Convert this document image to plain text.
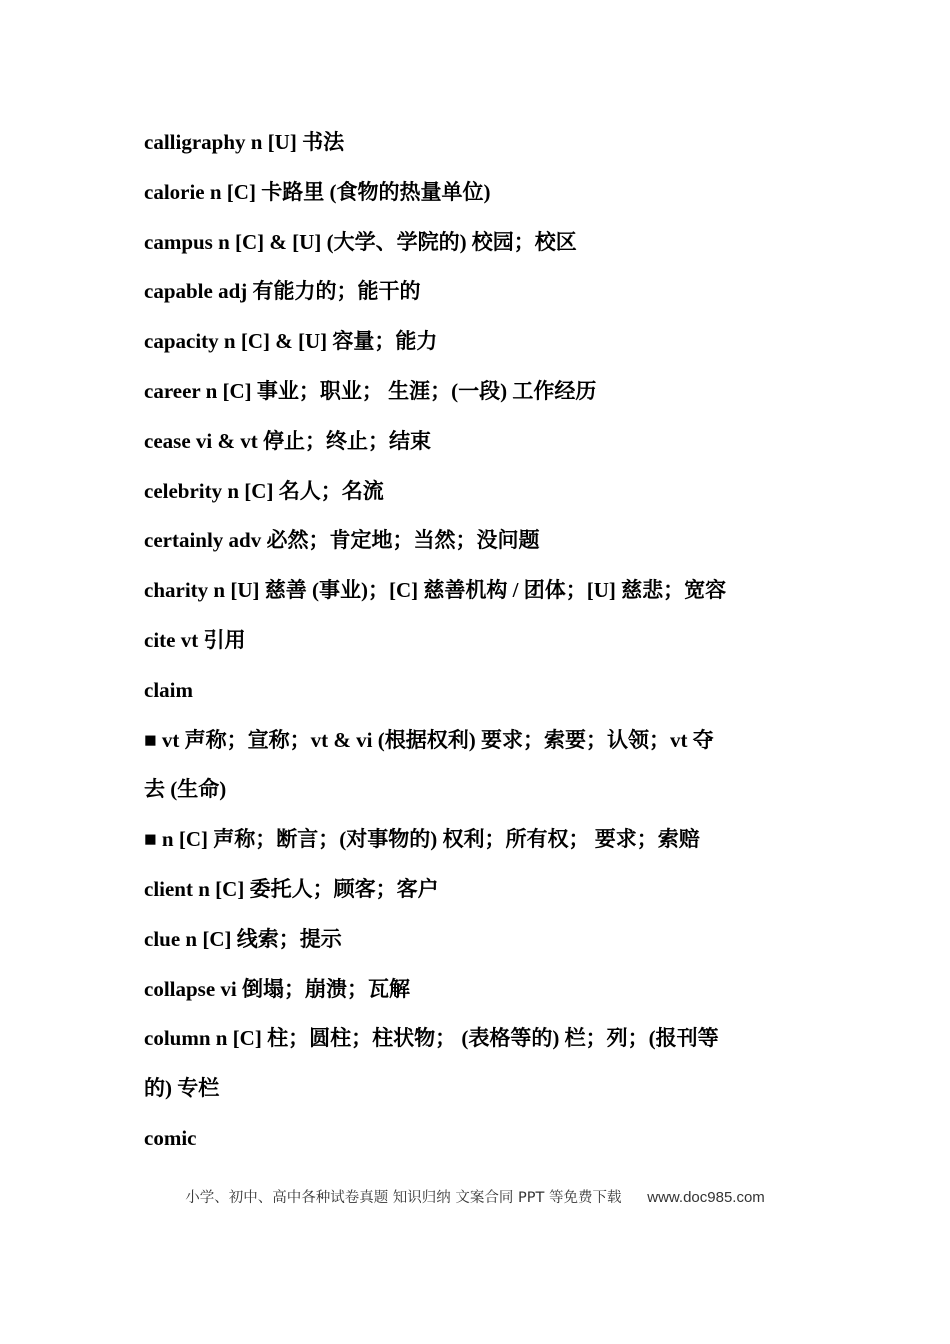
calligraphy n [U] 书法
calorie n [C] 卡路里 (食物的热量单位)
campus n [C] & [U] (大学、学院的) 校园；校区
capable adj 有能力的；能干的
capacity n [C] & [U] 容量；能力
career n [C] 事业；职业； 生涯；(一段) 工作经历
cease vi & vt 停止；终止；结束
celebrity n [C] 名人；名流
certainly adv 必然；肯定地；当然；没问题
charity n [U] 慈善 (事业)；[C] 慈善机构 / 团体；[U] 慈悲；宽容
cite vt 引用
claim
■ vt 声称；宣称；vt & vi (根据权利) 要求；索要；认领；vt 夺
去 (生命)
■ n [C] 声称；断言；(对事物的) 权利；所有权； 要求；索赔
client n [C] 委托人；顾客；客户
clue n [C] 线索；提示
collapse vi 倒塌；崩溃；瓦解
column n [C] 柱；圆柱；柱状物； (表格等的) 栏；列；(报刊等
的) 专栏
comic
小学、初中、高中各种试卷真题 知识归纳 文案合同 PPT 等免费下载 www.doc985.com
